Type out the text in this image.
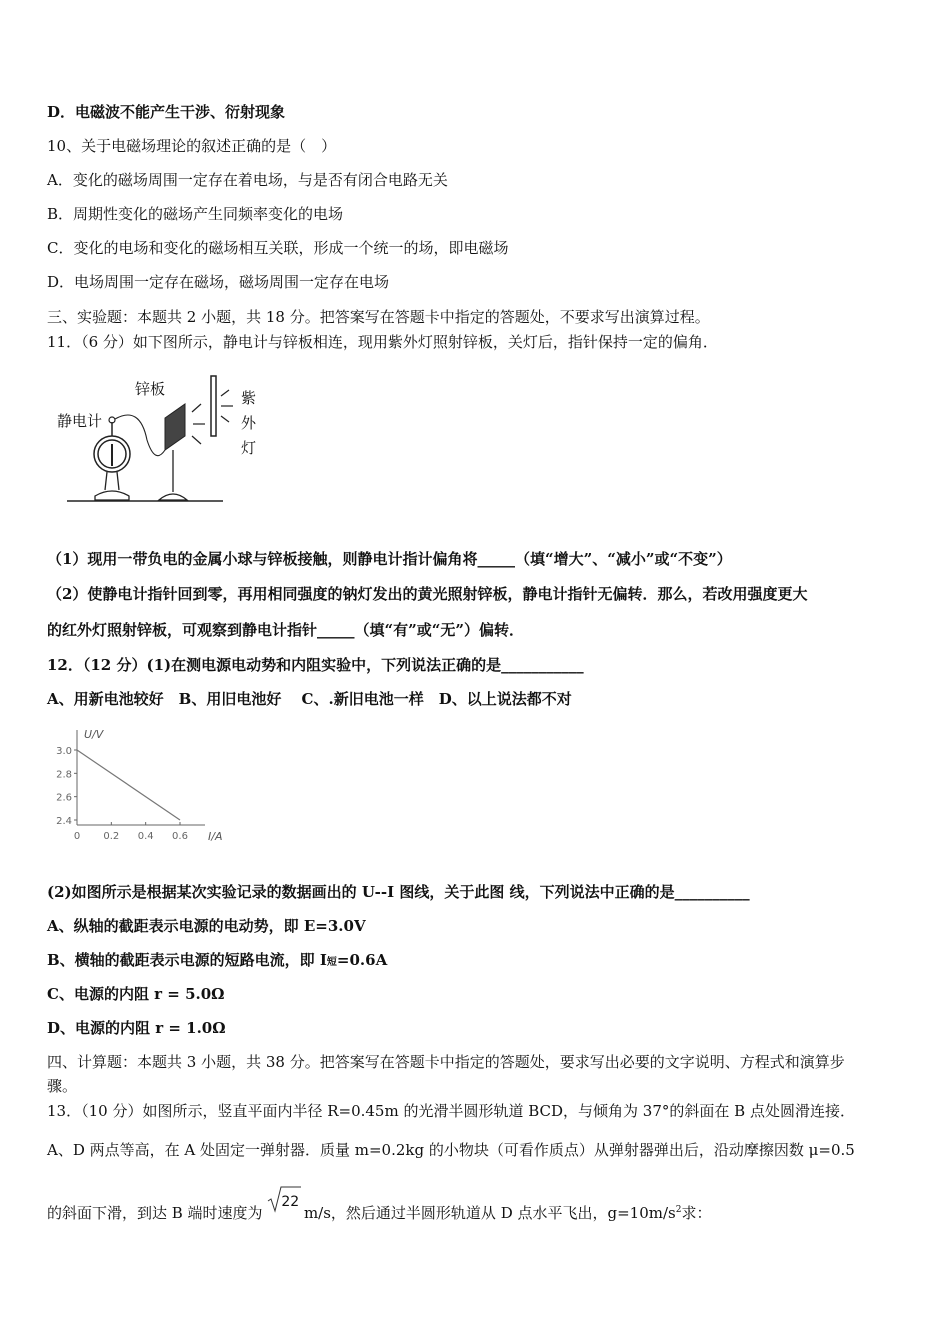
D．电磁波不能产生干涉、衍射现象
10、关于电磁场理论的叙述正确的是（　）
A．变化的磁场周围一定存在着电场，与是否有闭合电路无关
B．周期性变化的磁场产生同频率变化的电场
C．变化的电场和变化的磁场相互关联，形成一个统一的场，即电磁场
D．电场周围一定存在磁场，磁场周围一定存在电场
三、实验题：本题共 2 小题，共 18 分。把答案写在答题卡中指定的答题处，不要求写出演算过程。
11．（6 分）如下图所示，静电计与锌板相连，现用紫外灯照射锌板，关灯后，指针保持一定的偏角．
静电计
锌板	紫
外
灯
（1）现用一带负电的金属小球与锌板接触，则静电计指计偏角将_____（填“增大”、“减小”或“不变”）
（2）使静电计指针回到零，再用相同强度的钠灯发出的黄光照射锌板，静电计指针无偏转．那么，若改用强度更大
的红外灯照射锌板，可观察到静电计指针_____（填“有”或“无”）偏转．
12．（12 分）(1)在测电源电动势和内阻实验中，下列说法正确的是___________
A、用新电池较好　B、用旧电池好　 C、.新旧电池一样　D、以上说法都不对
U/V
I/A
3.0
2.8
2.6
2.4
0 0.2 0.4 0.6
(2)如图所示是根据某次实验记录的数据画出的 U--I 图线，关于此图 线，下列说法中正确的是__________
A、纵轴的截距表示电源的电动势，即 E=3.0V
B、横轴的截距表示电源的短路电流，即 I短=0.6A
C、电源的内阻 r = 5.0Ω
D、电源的内阻 r = 1.0Ω
四、计算题：本题共 3 小题，共 38 分。把答案写在答题卡中指定的答题处，要求写出必要的文字说明、方程式和演算步
骤。
13．（10 分）如图所示，竖直平面内半径 R=0.45m 的光滑半圆形轨道 BCD，与倾角为 37°的斜面在 B 点处圆滑连接．
A、D 两点等高，在 A 处固定一弹射器．质量 m=0.2kg 的小物块（可看作质点）从弹射器弹出后，沿动摩擦因数 μ=0.5
的斜面下滑，到达 B 端时速度为
22 m/s，然后通过半圆形轨道从 D 点水平飞出，$g=10m/s^2$求：
